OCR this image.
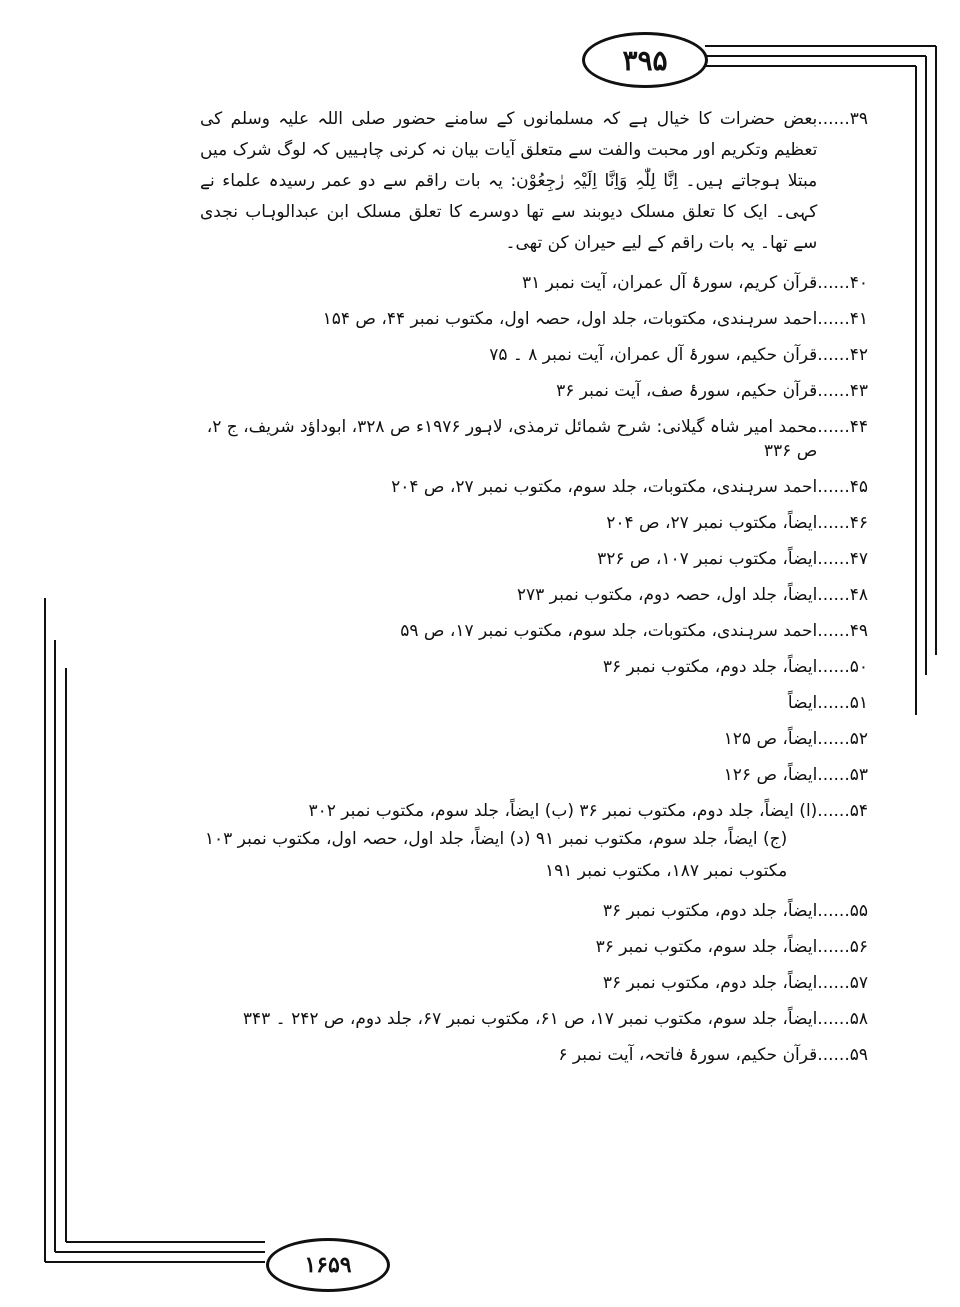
۳۹۵
۳۹......
بعض حضرات کا خیال ہے کہ مسلمانوں کے سامنے حضور صلی اللہ علیہ وسلم کی تعظیم وتکریم اور محبت والفت سے متعلق آیات بیان نہ کرنی چاہییں کہ لوگ شرک میں مبتلا ہوجاتے ہیں۔ اِنَّا لِلّٰہِ وَاِنَّا اِلَیْہِ رٰجِعُوْن: یہ بات راقم سے دو عمر رسیدہ علماء نے کہی۔ ایک کا تعلق مسلک دیوبند سے تھا دوسرے کا تعلق مسلک ابن عبدالوہاب نجدی سے تھا۔ یہ بات راقم کے لیے حیران کن تھی۔
۴۰......
قرآن کریم، سورۂ آل عمران، آیت نمبر ۳۱
۴۱......
احمد سرہندی، مکتوبات، جلد اول، حصہ اول، مکتوب نمبر ۴۴، ص ۱۵۴
۴۲......
قرآن حکیم، سورۂ آل عمران، آیت نمبر ۸ ۔ ۷۵
۴۳......
قرآن حکیم، سورۂ صف، آیت نمبر ۳۶
۴۴......
محمد امیر شاہ گیلانی: شرح شمائل ترمذی، لاہور ۱۹۷۶ء ص ۳۲۸، ابوداؤد شریف، ج ۲، ص ۳۳۶
۴۵......
احمد سرہندی، مکتوبات، جلد سوم، مکتوب نمبر ۲۷، ص ۲۰۴
۴۶......
ایضاً، مکتوب نمبر ۲۷، ص ۲۰۴
۴۷......
ایضاً، مکتوب نمبر ۱۰۷، ص ۳۲۶
۴۸......
ایضاً، جلد اول، حصہ دوم، مکتوب نمبر ۲۷۳
۴۹......
احمد سرہندی، مکتوبات، جلد سوم، مکتوب نمبر ۱۷، ص ۵۹
۵۰......
ایضاً، جلد دوم، مکتوب نمبر ۳۶
۵۱......
ایضاً
۵۲......
ایضاً، ص ۱۲۵
۵۳......
ایضاً، ص ۱۲۶
۵۴......
(ا) ایضاً، جلد دوم، مکتوب نمبر ۳۶ (ب) ایضاً، جلد سوم، مکتوب نمبر ۳۰۲
(ج) ایضاً، جلد سوم، مکتوب نمبر ۹۱ (د) ایضاً، جلد اول، حصہ اول، مکتوب نمبر ۱۰۳
مکتوب نمبر ۱۸۷، مکتوب نمبر ۱۹۱
۵۵......
ایضاً، جلد دوم، مکتوب نمبر ۳۶
۵۶......
ایضاً، جلد سوم، مکتوب نمبر ۳۶
۵۷......
ایضاً، جلد دوم، مکتوب نمبر ۳۶
۵۸......
ایضاً، جلد سوم، مکتوب نمبر ۱۷، ص ۶۱، مکتوب نمبر ۶۷، جلد دوم، ص ۲۴۲ ۔ ۳۴۳
۵۹......
قرآن حکیم، سورۂ فاتحہ، آیت نمبر ۶
۱۶۵۹
